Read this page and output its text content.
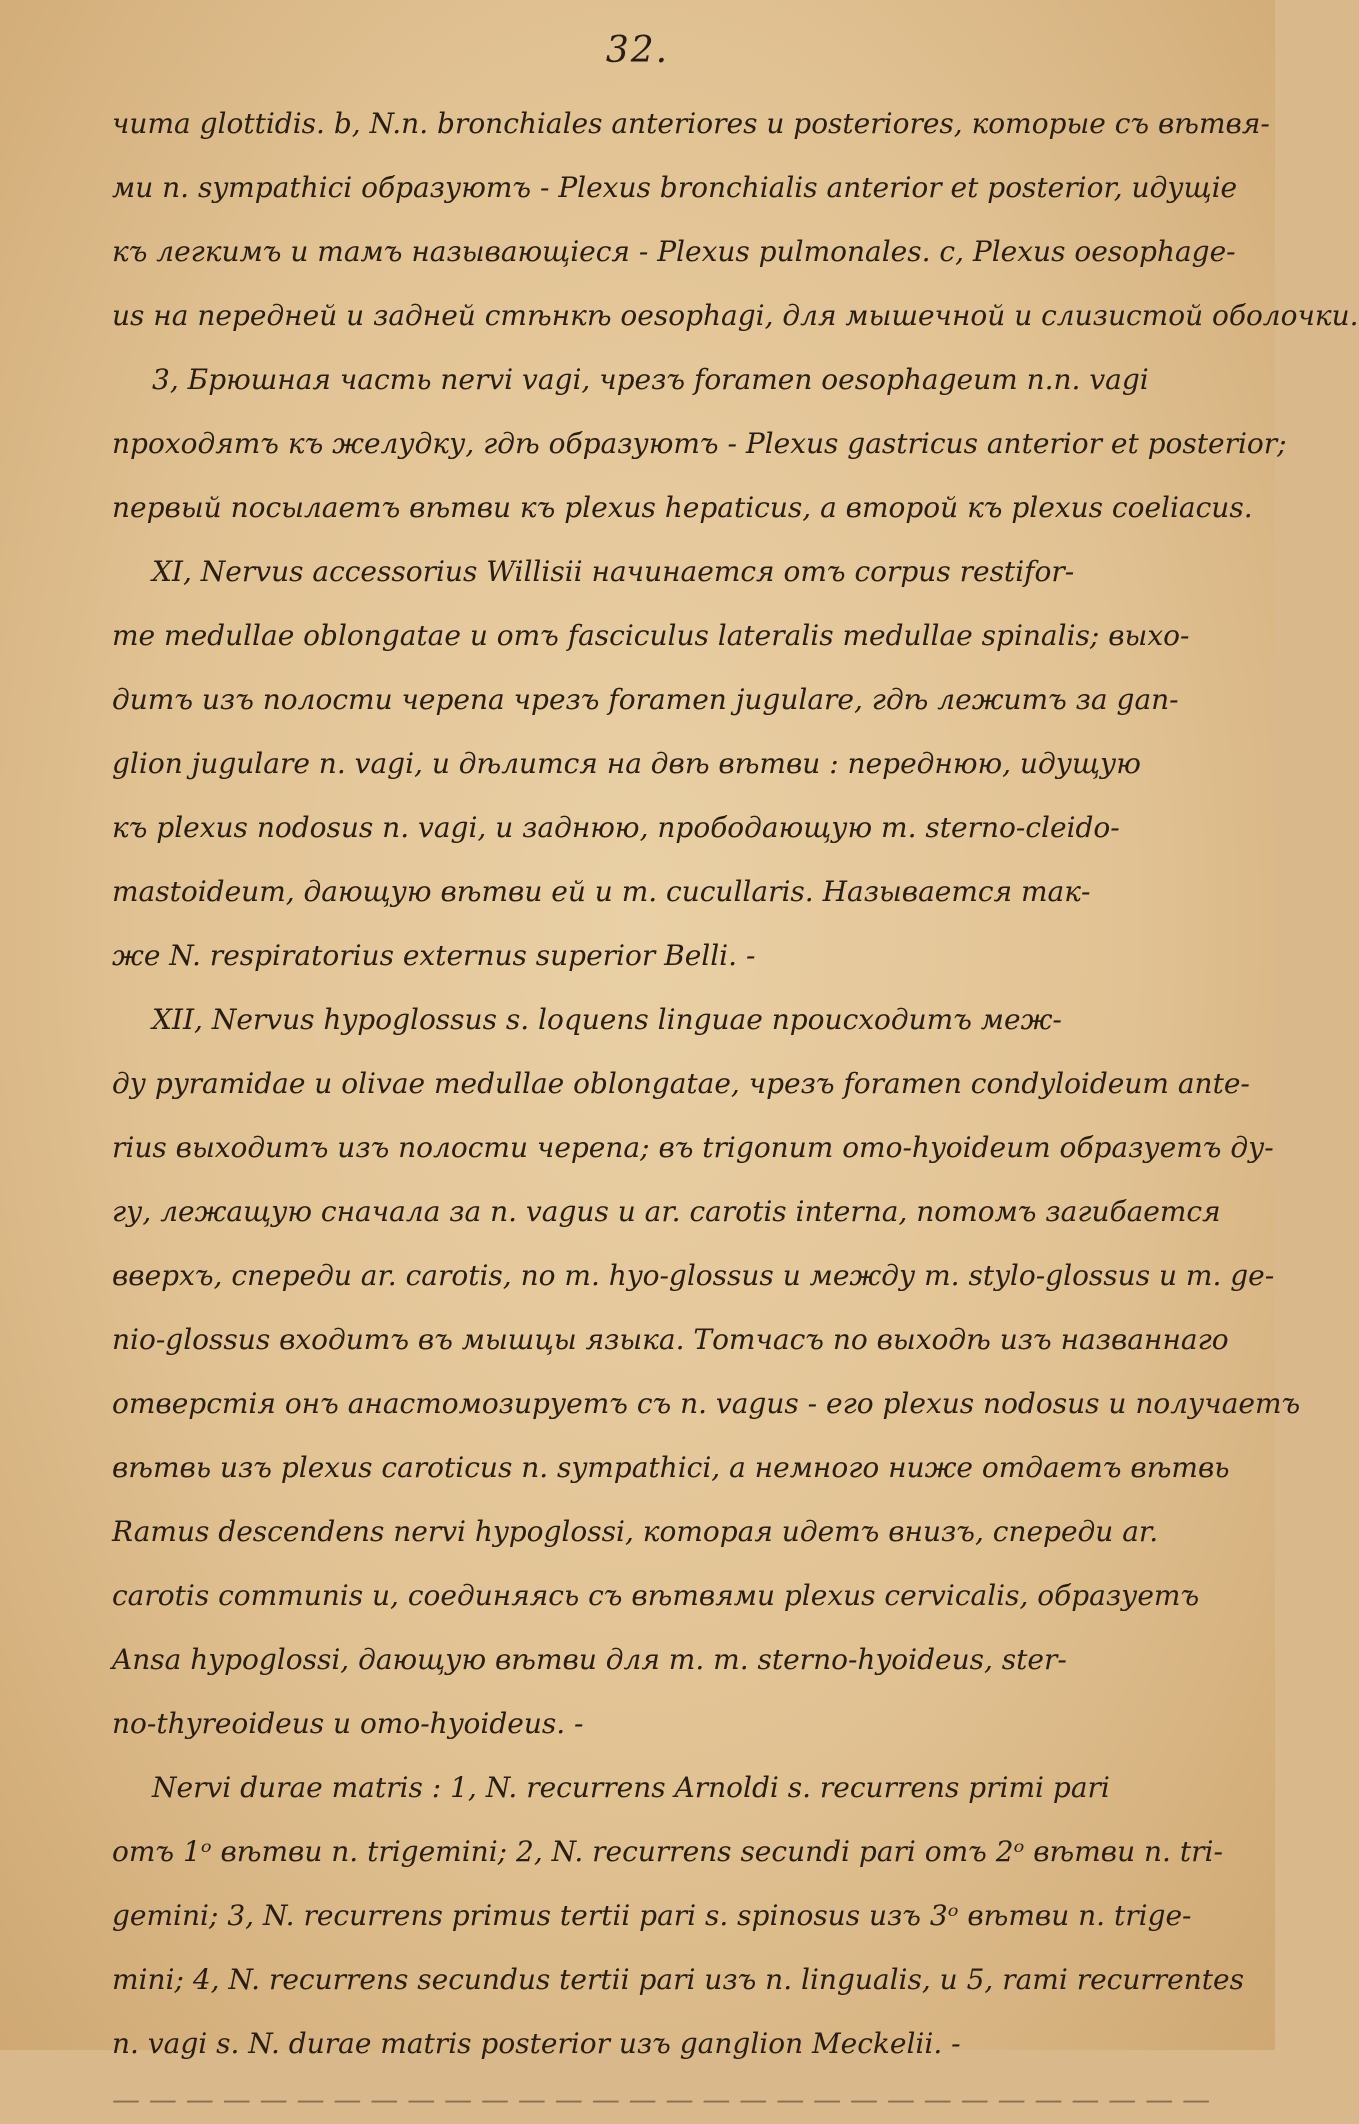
32.
чита glottidis. b, N.n. bronchiales anteriores и posteriores, которые съ вѣтвя-
ми п. sympathici образуютъ - Plexus bronchialis anterior et posterior, идущiе
къ легкимъ и тамъ называющiеся - Plexus pulmonales. с, Plexus oesophage-
us на передней и задней стѣнкѣ oesophagi, для мышечной и слизистой оболочки.
3, Брюшная часть nervi vagi, чрезъ foramen oesophageum п.п. vagi
проходятъ къ желудку, гдѣ образуютъ - Plexus gastricus anterior et posterior;
первый посылаетъ вѣтви къ plexus hepaticus, а второй къ plexus coeliacus.
XI, Nervus accessorius Willisii начинается отъ corpus restifor-
me medullae oblongatae и отъ fasciculus lateralis medullae spinalis; выхо-
дитъ изъ полости черепа чрезъ foramen jugulare, гдѣ лежитъ за gan-
glion jugulare п. vagi, и дѣлится на двѣ вѣтви : переднюю, идущую
къ plexus nodosus п. vagi, и заднюю, прободающую m. sterno-cleido-
mastoideum, дающую вѣтви ей и m. cucullaris. Называется так-
же N. respiratorius externus superior Belli. -
XII, Nervus hypoglossus s. loquens linguae происходитъ меж-
ду pyramidae и olivae medullae oblongatae, чрезъ foramen condyloideum ante-
rius выходитъ изъ полости черепа; въ trigonum omo-hyoideum образуетъ ду-
гу, лежащую сначала за п. vagus и ar. carotis interna, потомъ загибается
вверхъ, спереди ar. carotis, по m. hyo-glossus и между m. stylo-glossus и m. ge-
nio-glossus входитъ въ мышцы языка. Тотчасъ по выходѣ изъ названнаго
отверстiя онъ анастомозируетъ съ п. vagus - его plexus nodosus и получаетъ
вѣтвь изъ plexus caroticus п. sympathici, а немного ниже отдаетъ вѣтвь
Ramus descendens nervi hypoglossi, которая идетъ внизъ, спереди ar.
carotis communis и, соединяясь съ вѣтвями plexus cervicalis, образуетъ
Ansa hypoglossi, дающую вѣтви для m. m. sterno-hyoideus, ster-
no-thyreoideus и omo-hyoideus. -
Nervi durae matris : 1, N. recurrens Arnoldi s. recurrens primi pari
отъ 1ᵒ вѣтви п. trigemini; 2, N. recurrens secundi pari отъ 2ᵒ вѣтви п. tri-
gemini; 3, N. recurrens primus tertii pari s. spinosus изъ 3ᵒ вѣтви п. trige-
mini; 4, N. recurrens secundus tertii pari изъ п. lingualis, и 5, rami recurrentes
п. vagi s. N. durae matris posterior изъ ganglion Meckelii. -
— — — — — — — — — — — — — — — — — — — — — — — — — — — — — —
